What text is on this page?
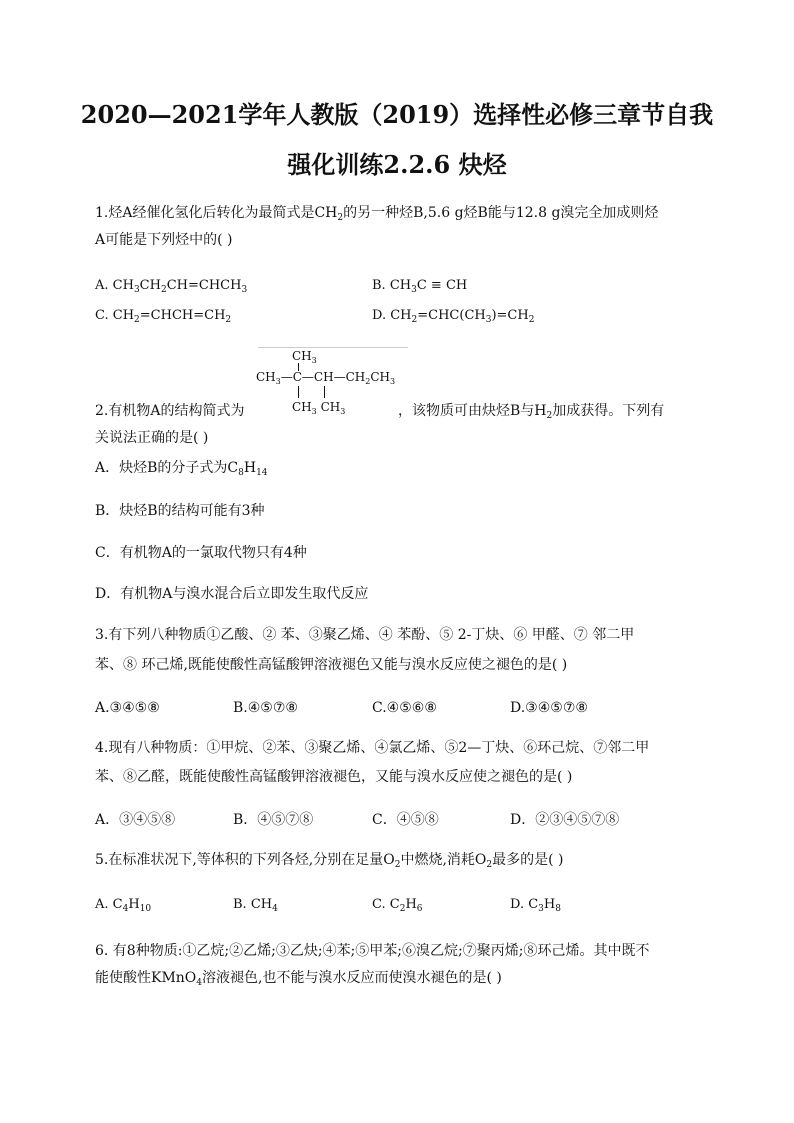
2020—2021学年人教版（2019）选择性必修三章节自我
强化训练2.2.6 炔烃
1.烃A经催化氢化后转化为最简式是$CH_2$的另一种烃B,5.6 g烃B能与12.8 g溴完全加成则烃
A可能是下列烃中的( )
A. $CH_3CH_2CH=CHCH_3$	B. $CH_3C$ ≡ CH
C. $CH_2=CHCH=CH_2$	D. $CH_2=CHC(CH_3)=CH_2$
$CH_3$
$CH_3—C—CH—CH_2CH_3$
$CH_3$ $CH_3$
2.有机物A的结构简式为	，该物质可由炔烃B与$H_2$加成获得。下列有
关说法正确的是( )
A．炔烃B的分子式为$C_8H_{14}$
B．炔烃B的结构可能有3种
C．有机物A的一氯取代物只有4种
D．有机物A与溴水混合后立即发生取代反应
3.有下列八种物质①乙酸、② 苯、③聚乙烯、④ 苯酚、⑤ 2-丁炔、⑥ 甲醛、⑦ 邻二甲
苯、⑧ 环己烯,既能使酸性高锰酸钾溶液褪色又能与溴水反应使之褪色的是( )
A.③④⑤⑧	B.④⑤⑦⑧	C.④⑤⑥⑧	D.③④⑤⑦⑧
4.现有八种物质：①甲烷、②苯、③聚乙烯、④氯乙烯、⑤2—丁炔、⑥环己烷、⑦邻二甲
苯、⑧乙醛，既能使酸性高锰酸钾溶液褪色，又能与溴水反应使之褪色的是( )
A．③④⑤⑧	B．④⑤⑦⑧	C．④⑤⑧	D．②③④⑤⑦⑧
5.在标准状况下,等体积的下列各烃,分别在足量$O_2$中燃烧,消耗$O_2$最多的是( )
A. $C_4H_{10}$	B. $CH_4$	C. $C_2H_6$	D. $C_3H_8$
6. 有8种物质:①乙烷;②乙烯;③乙炔;④苯;⑤甲苯;⑥溴乙烷;⑦聚丙烯;⑧环己烯。其中既不
能使酸性KMnO$_4$溶液褪色,也不能与溴水反应而使溴水褪色的是( )
